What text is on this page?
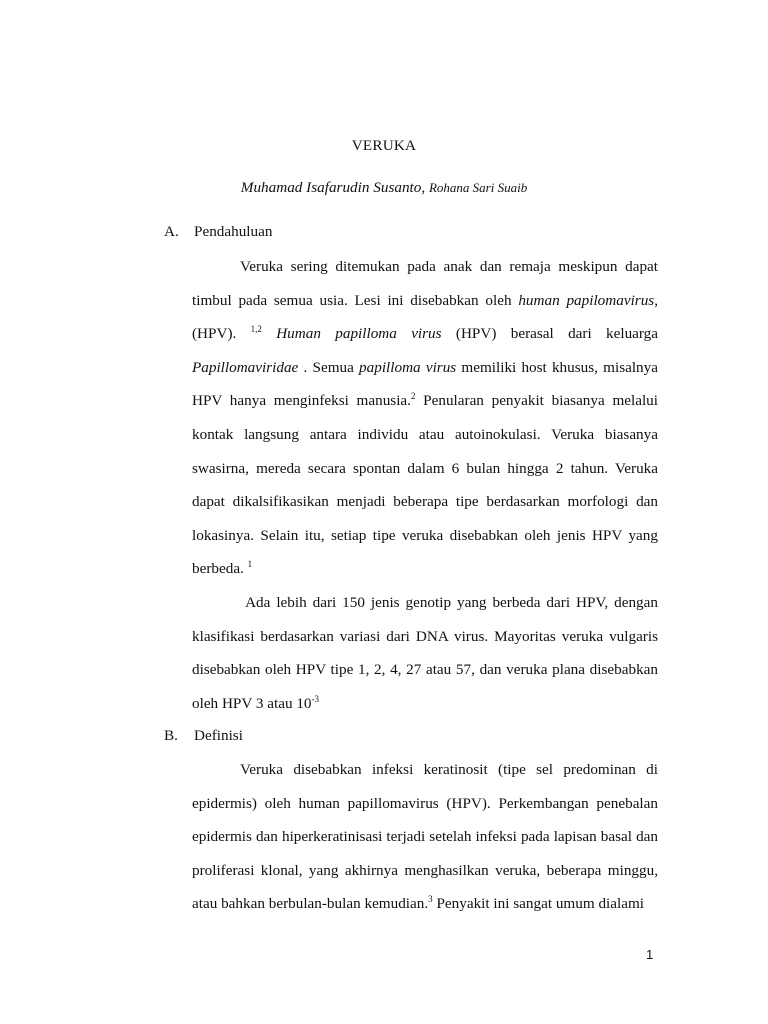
VERUKA
Muhamad Isafarudin Susanto, Rohana Sari Suaib
A. Pendahuluan
Veruka sering ditemukan pada anak dan remaja meskipun dapat timbul pada semua usia. Lesi ini disebabkan oleh human papilomavirus, (HPV). $^{1,2}$ Human papilloma virus (HPV) berasal dari keluarga Papillomaviridae . Semua papilloma virus memiliki host khusus, misalnya HPV hanya menginfeksi manusia.$^2$ Penularan penyakit biasanya melalui kontak langsung antara individu atau autoinokulasi. Veruka biasanya swasirna, mereda secara spontan dalam 6 bulan hingga 2 tahun. Veruka dapat dikalsifikasikan menjadi beberapa tipe berdasarkan morfologi dan lokasinya. Selain itu, setiap tipe veruka disebabkan oleh jenis HPV yang berbeda. $^1$
Ada lebih dari 150 jenis genotip yang berbeda dari HPV, dengan klasifikasi berdasarkan variasi dari DNA virus. Mayoritas veruka vulgaris disebabkan oleh HPV tipe 1, 2, 4, 27 atau 57, dan veruka plana disebabkan oleh HPV 3 atau $10^{-3}$
B. Definisi
Veruka disebabkan infeksi keratinosit (tipe sel predominan di epidermis) oleh human papillomavirus (HPV). Perkembangan penebalan epidermis dan hiperkeratinisasi terjadi setelah infeksi pada lapisan basal dan proliferasi klonal, yang akhirnya menghasilkan veruka, beberapa minggu, atau bahkan berbulan-bulan kemudian.$^3$ Penyakit ini sangat umum dialami
1
